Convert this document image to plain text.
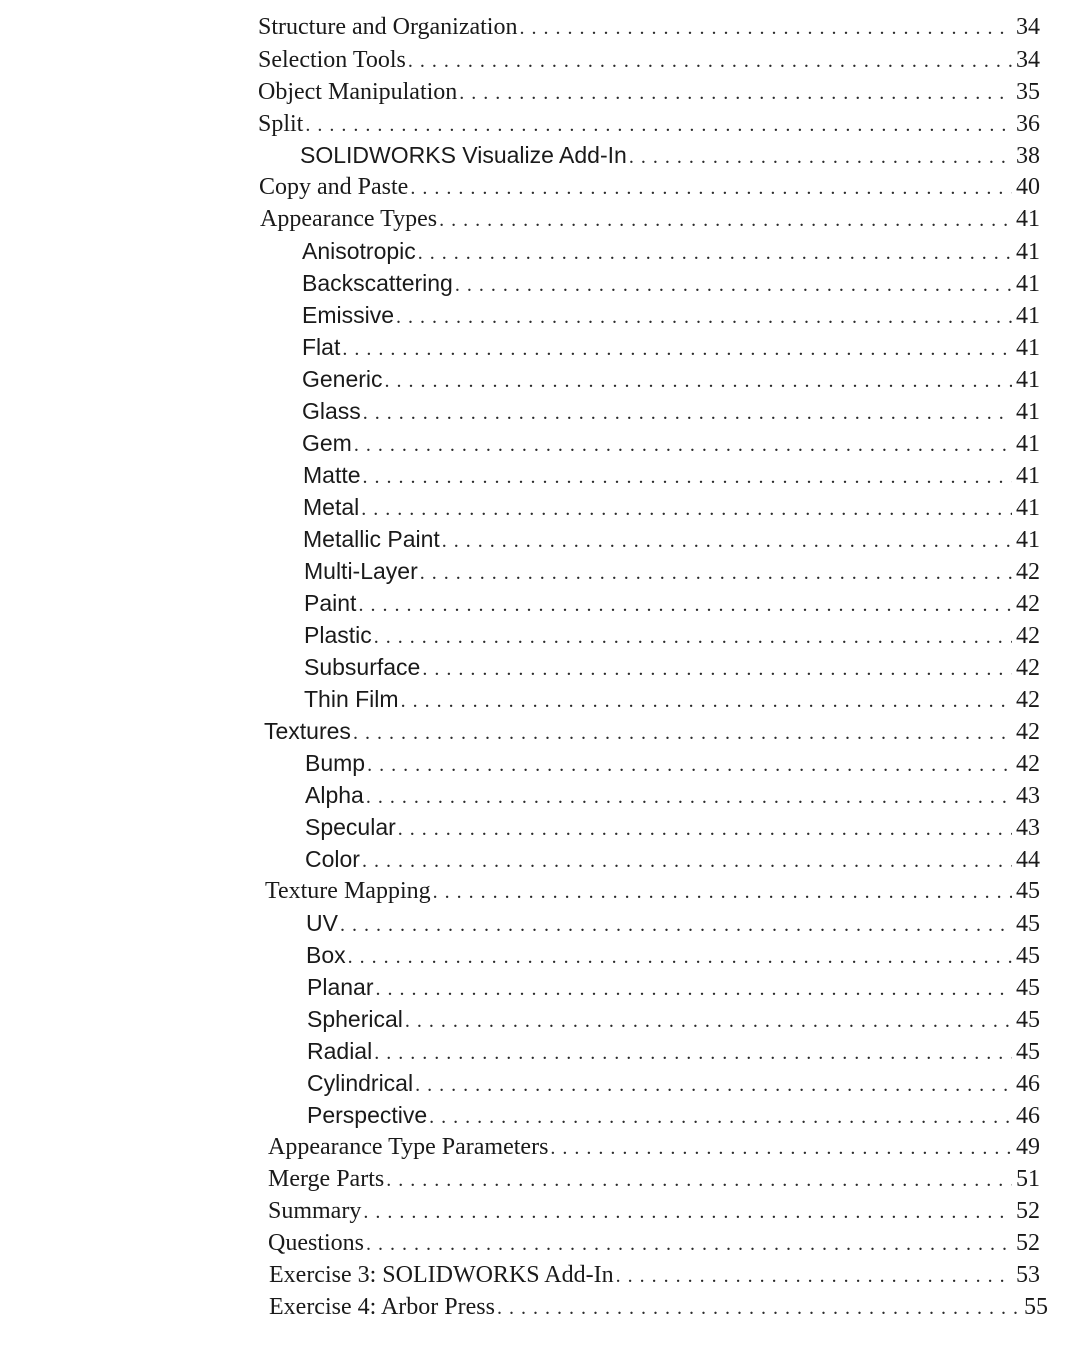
Structure and Organization . . .	34
Selection Tools . . .	34
Object Manipulation . . .	35
Split . . .	36
SOLIDWORKS Visualize Add-In . . .	38
Copy and Paste . . .	40
Appearance Types . . .	41
Anisotropic . . .	41
Backscattering . . .	41
Emissive . . .	41
Flat . . .	41
Generic . . .	41
Glass . . .	41
Gem . . .	41
Matte . . .	41
Metal . . .	41
Metallic Paint . . .	41
Multi-Layer . . .	42
Paint . . .	42
Plastic . . .	42
Subsurface . . .	42
Thin Film . . .	42
Textures . . .	42
Bump . . .	42
Alpha . . .	43
Specular . . .	43
Color . . .	44
Texture Mapping . . .	45
UV . . .	45
Box . . .	45
Planar . . .	45
Spherical . . .	45
Radial . . .	45
Cylindrical . . .	46
Perspective . . .	46
Appearance Type Parameters . . .	49
Merge Parts . . .	51
Summary . . .	52
Questions . . .	52
Exercise 3: SOLIDWORKS Add-In . . .	53
Exercise 4: Arbor Press . . .	55
